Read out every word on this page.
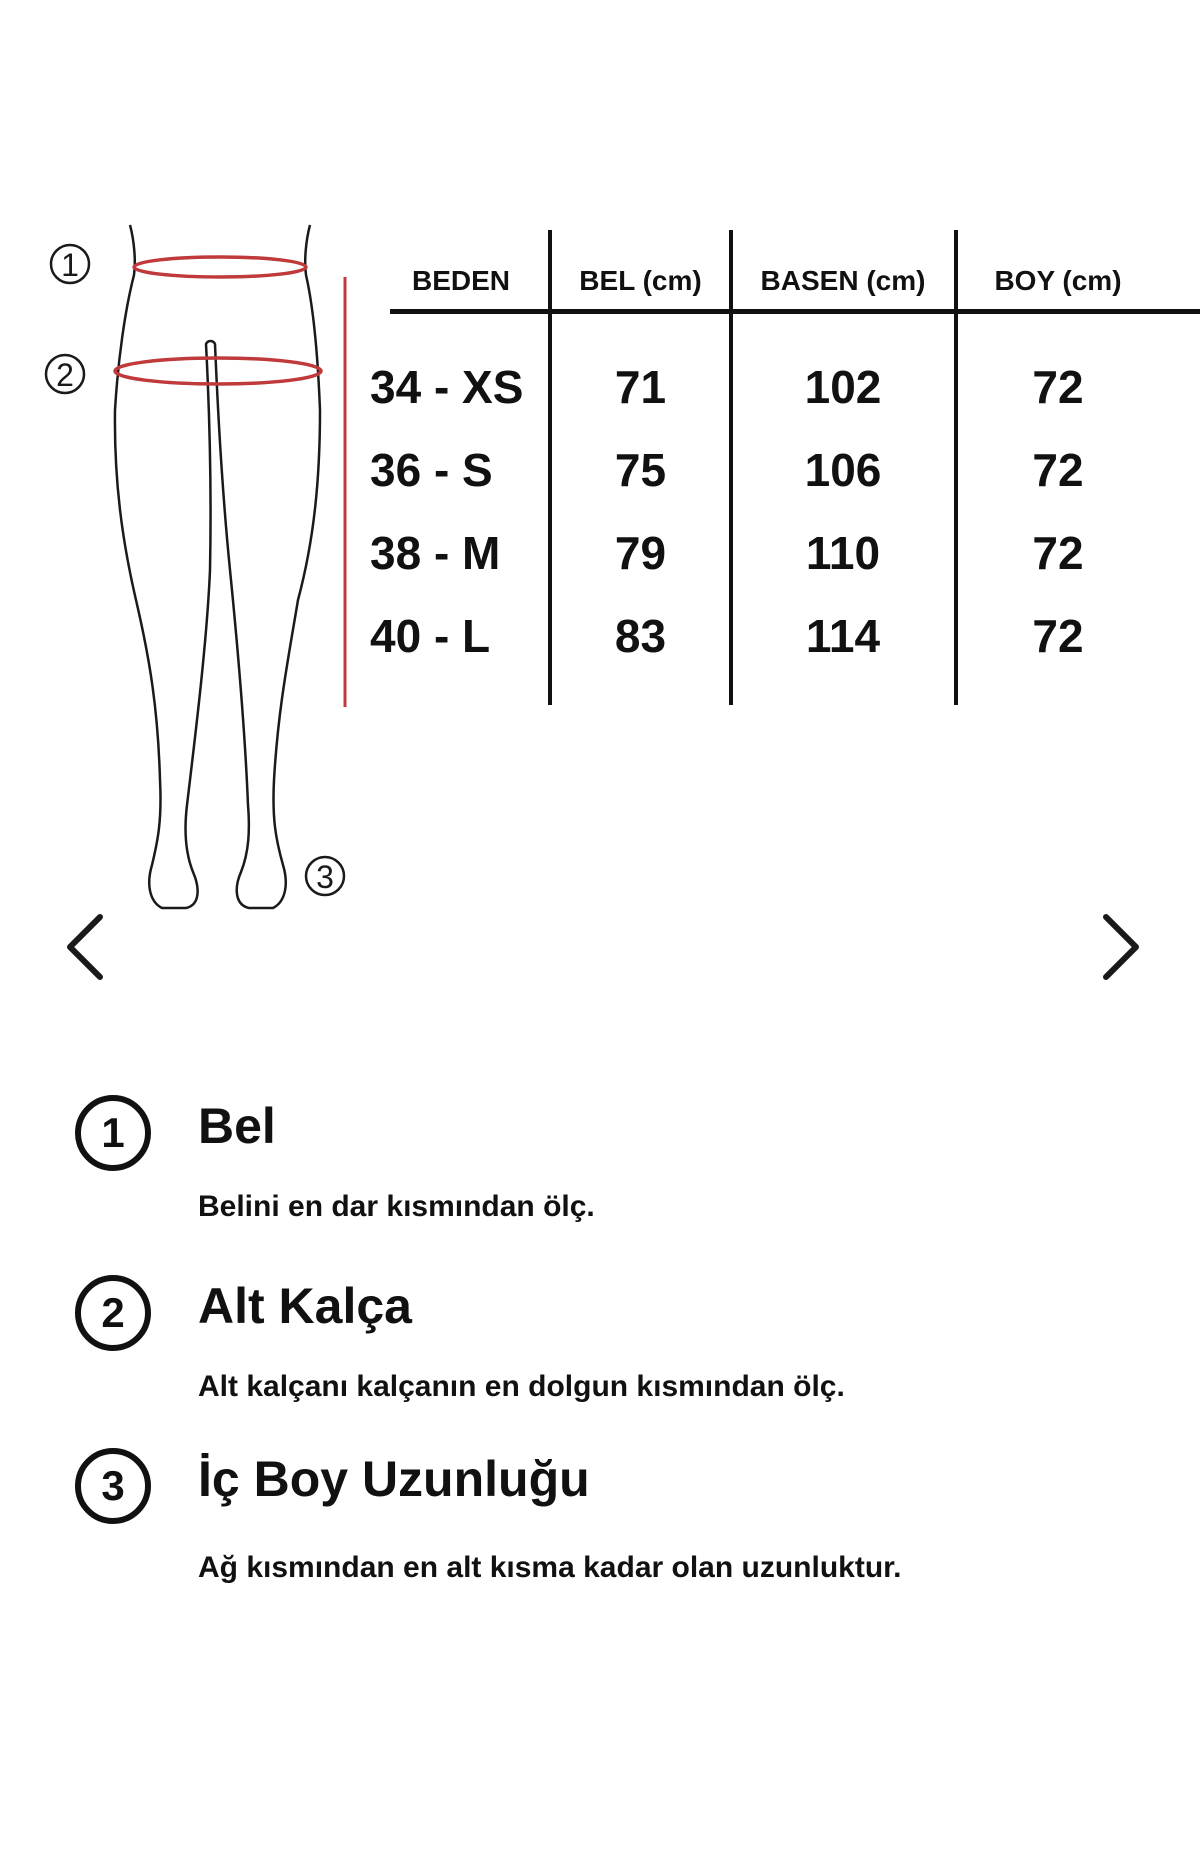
1
2
3
BEDEN	BEL (cm)	BASEN (cm)	BOY (cm)
34 - XS	71	102	72
36 - S	75	106	72
38 - M	79	110	72
40 - L	83	114	72
1	Bel
Belini en dar kısmından ölç.
2	Alt Kalça
Alt kalçanı kalçanın en dolgun kısmından ölç.
3	İç Boy Uzunluğu
Ağ kısmından en alt kısma kadar olan uzunluktur.
